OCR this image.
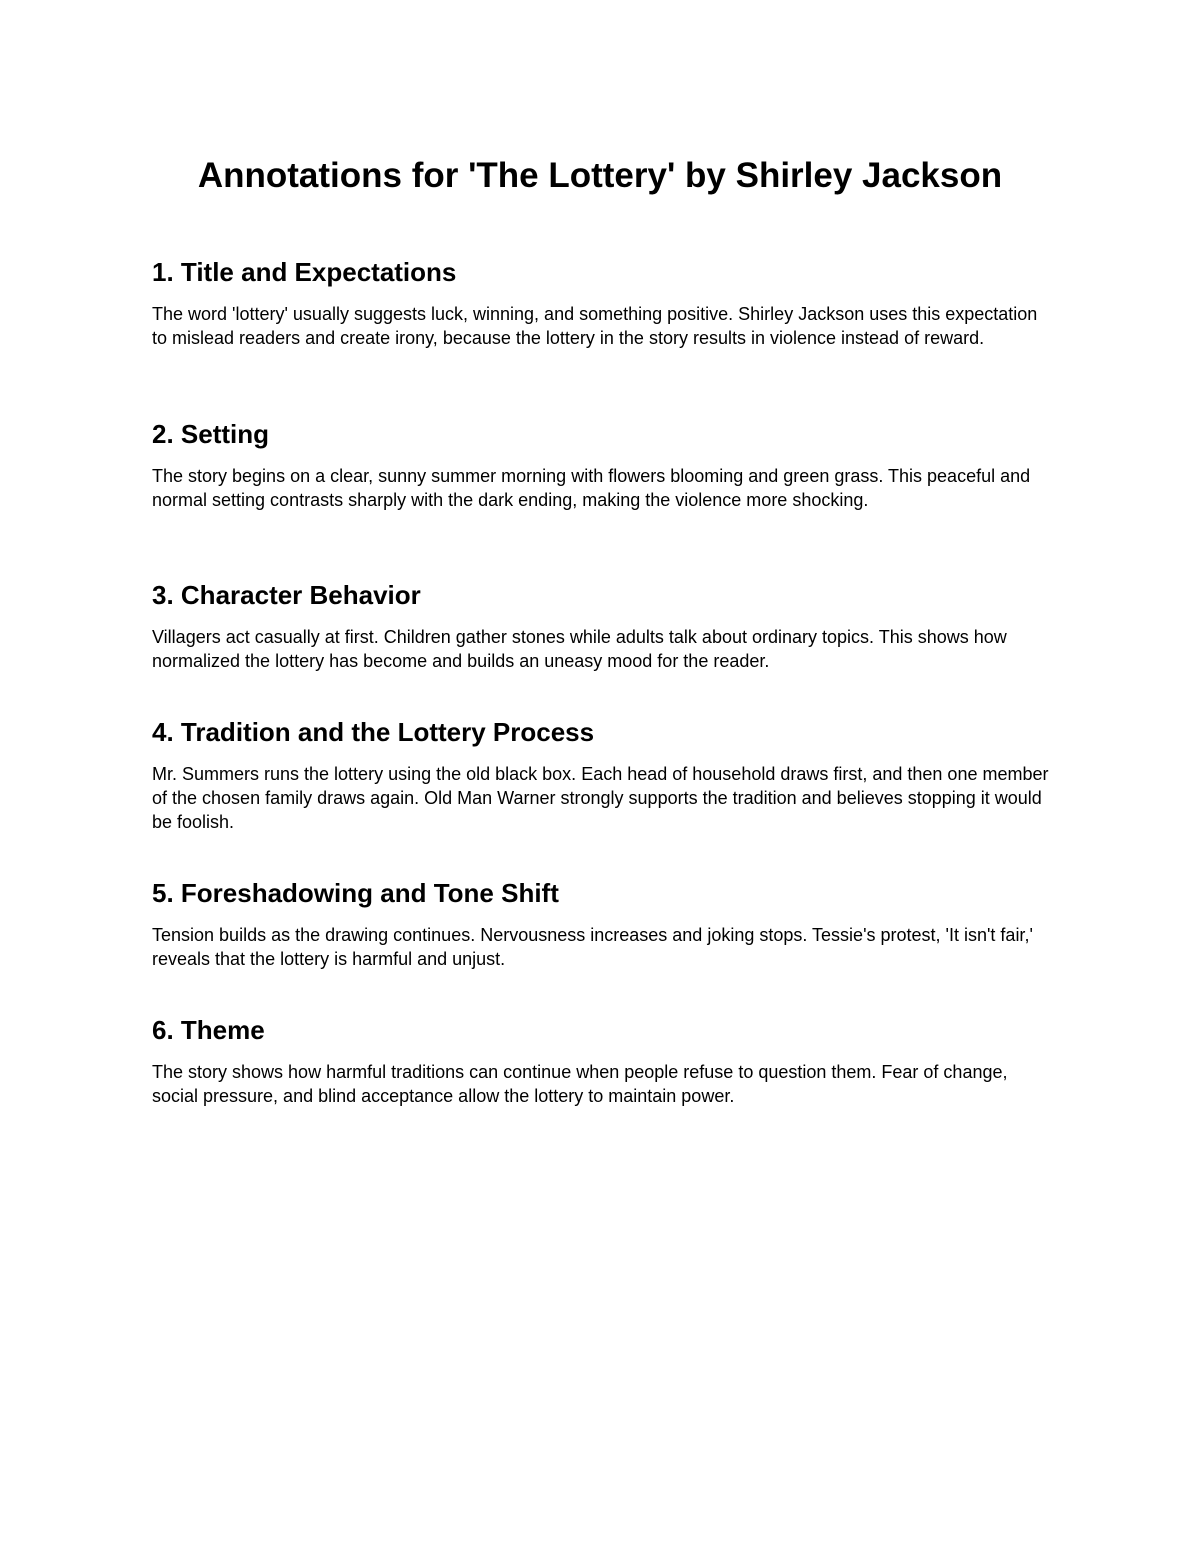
Annotations for 'The Lottery' by Shirley Jackson
1. Title and Expectations

The word 'lottery' usually suggests luck, winning, and something positive. Shirley Jackson uses this expectation to mislead readers and create irony, because the lottery in the story results in violence instead of reward.

2. Setting

The story begins on a clear, sunny summer morning with flowers blooming and green grass. This peaceful and normal setting contrasts sharply with the dark ending, making the violence more shocking.

3. Character Behavior

Villagers act casually at first. Children gather stones while adults talk about ordinary topics. This shows how normalized the lottery has become and builds an uneasy mood for the reader.

4. Tradition and the Lottery Process

Mr. Summers runs the lottery using the old black box. Each head of household draws first, and then one member of the chosen family draws again. Old Man Warner strongly supports the tradition and believes stopping it would be foolish.

5. Foreshadowing and Tone Shift

Tension builds as the drawing continues. Nervousness increases and joking stops. Tessie's protest, 'It isn't fair,' reveals that the lottery is harmful and unjust.

6. Theme

The story shows how harmful traditions can continue when people refuse to question them. Fear of change, social pressure, and blind acceptance allow the lottery to maintain power.
